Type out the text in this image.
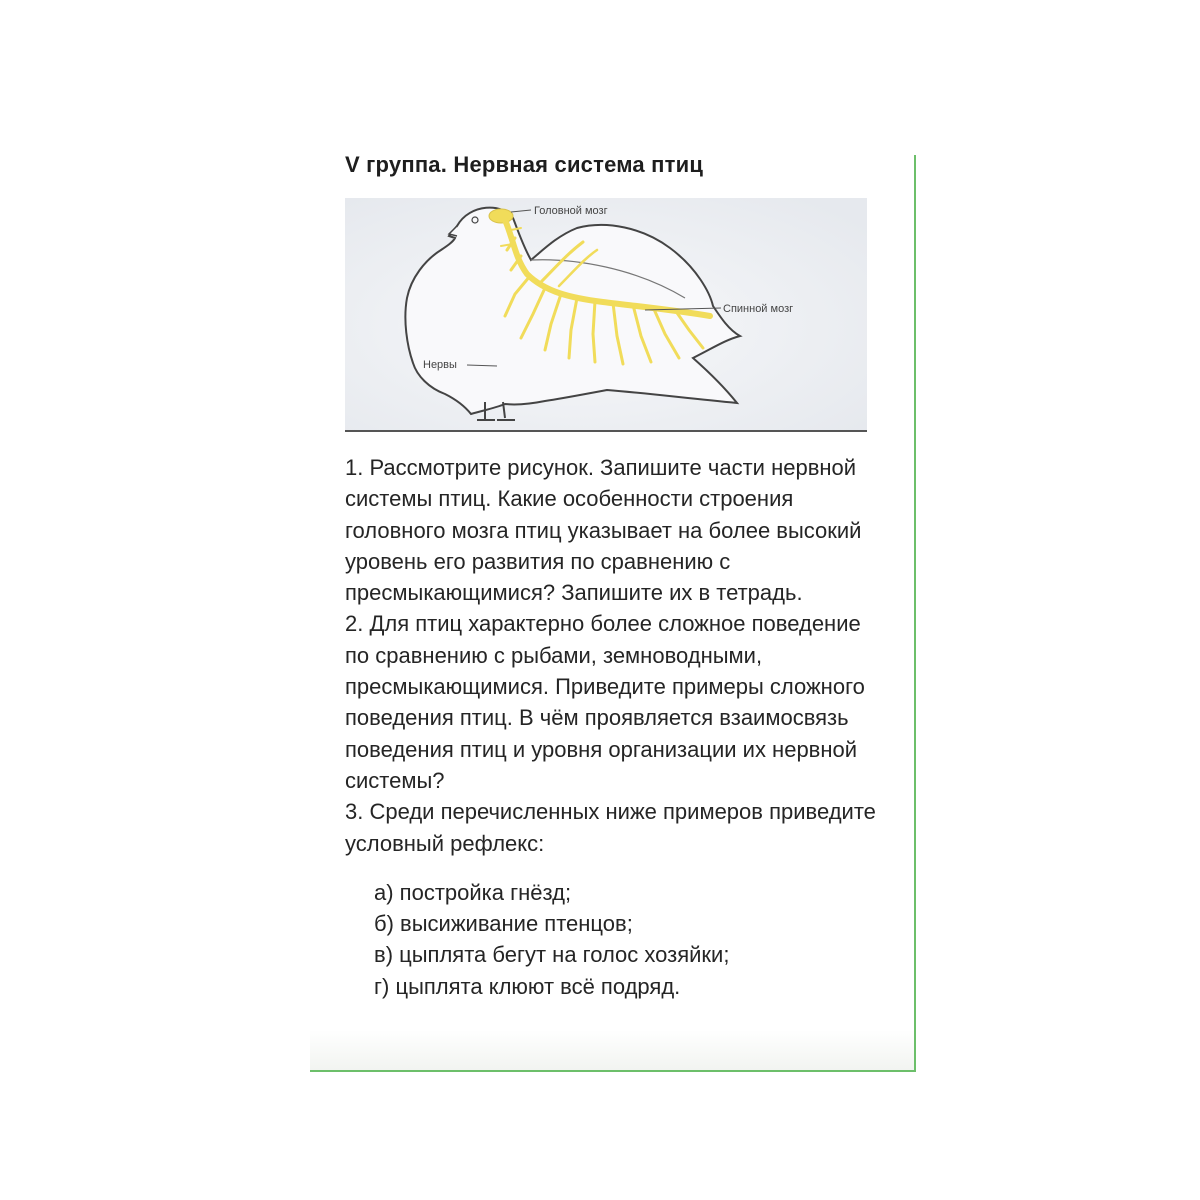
V группа. Нервная система птиц
Головной мозг
Спинной мозг
Нервы

1. Рассмотрите рисунок. Запишите части нервной системы птиц. Какие особенности строения головного мозга птиц указывает на более высокий уровень его развития по сравнению с пресмыкающимися? Запишите их в тетрадь.

2. Для птиц характерно более сложное поведение по сравнению с рыбами, земноводными, пресмыкающимися. Приведите примеры сложного поведения птиц. В чём проявляется взаимосвязь поведения птиц и уровня организации их нервной системы?

3. Среди перечисленных ниже примеров приведите условный рефлекс:

а) постройка гнёзд;

б) высиживание птенцов;

в) цыплята бегут на голос хозяйки;

г) цыплята клюют всё подряд.
